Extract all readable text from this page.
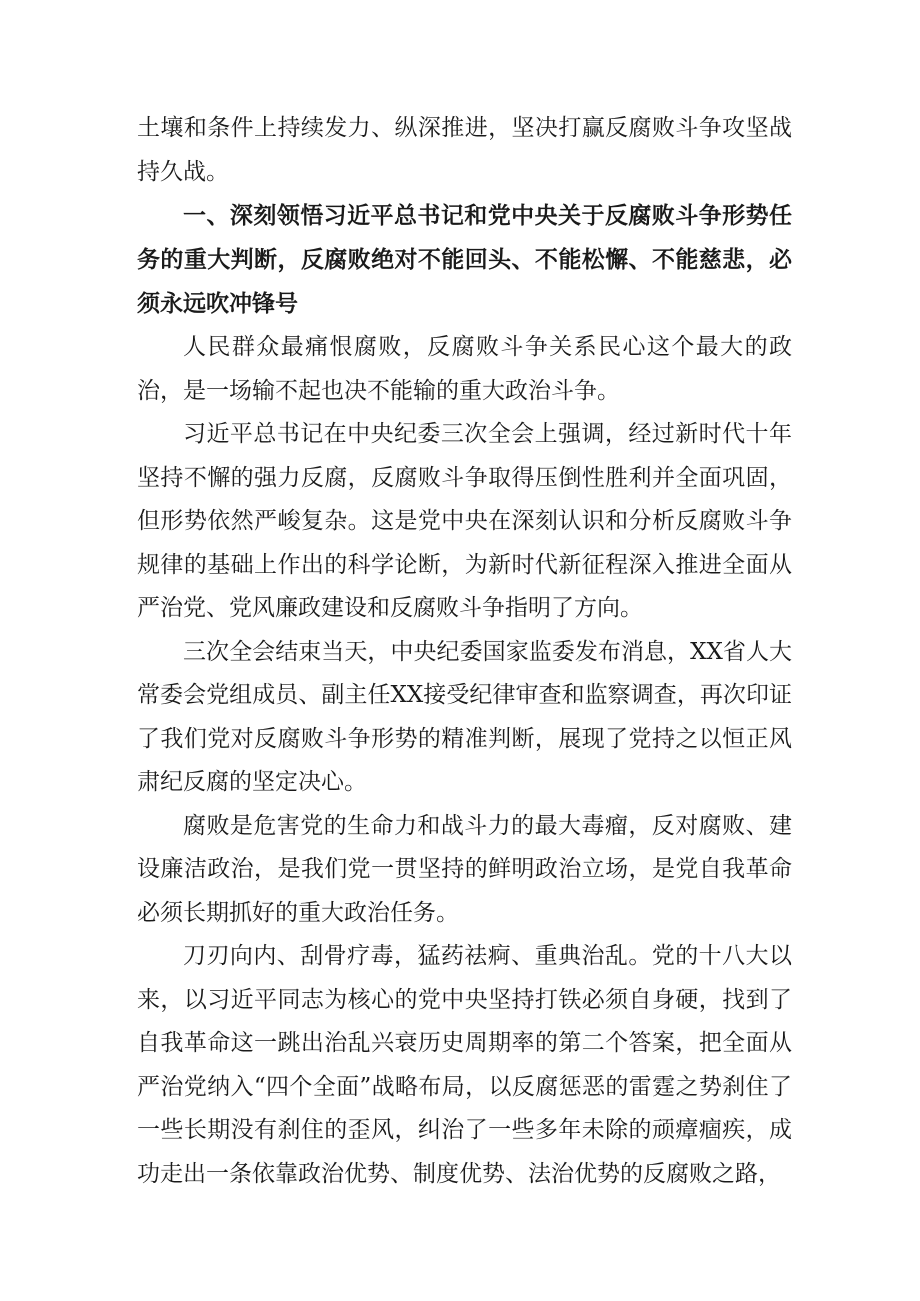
土壤和条件上持续发力、纵深推进，坚决打赢反腐败斗争攻坚战持久战。

一、深刻领悟习近平总书记和党中央关于反腐败斗争形势任务的重大判断，反腐败绝对不能回头、不能松懈、不能慈悲，必须永远吹冲锋号

人民群众最痛恨腐败，反腐败斗争关系民心这个最大的政治，是一场输不起也决不能输的重大政治斗争。

习近平总书记在中央纪委三次全会上强调，经过新时代十年坚持不懈的强力反腐，反腐败斗争取得压倒性胜利并全面巩固，但形势依然严峻复杂。这是党中央在深刻认识和分析反腐败斗争规律的基础上作出的科学论断，为新时代新征程深入推进全面从严治党、党风廉政建设和反腐败斗争指明了方向。

三次全会结束当天，中央纪委国家监委发布消息，XX省人大常委会党组成员、副主任XX接受纪律审查和监察调查，再次印证了我们党对反腐败斗争形势的精准判断，展现了党持之以恒正风肃纪反腐的坚定决心。

腐败是危害党的生命力和战斗力的最大毒瘤，反对腐败、建设廉洁政治，是我们党一贯坚持的鲜明政治立场，是党自我革命必须长期抓好的重大政治任务。

刀刃向内、刮骨疗毒，猛药祛痾、重典治乱。党的十八大以来，以习近平同志为核心的党中央坚持打铁必须自身硬，找到了自我革命这一跳出治乱兴衰历史周期率的第二个答案，把全面从严治党纳入“四个全面”战略布局，以反腐惩恶的雷霆之势刹住了一些长期没有刹住的歪风，纠治了一些多年未除的顽瘴痼疾，成功走出一条依靠政治优势、制度优势、法治优势的反腐败之路，
